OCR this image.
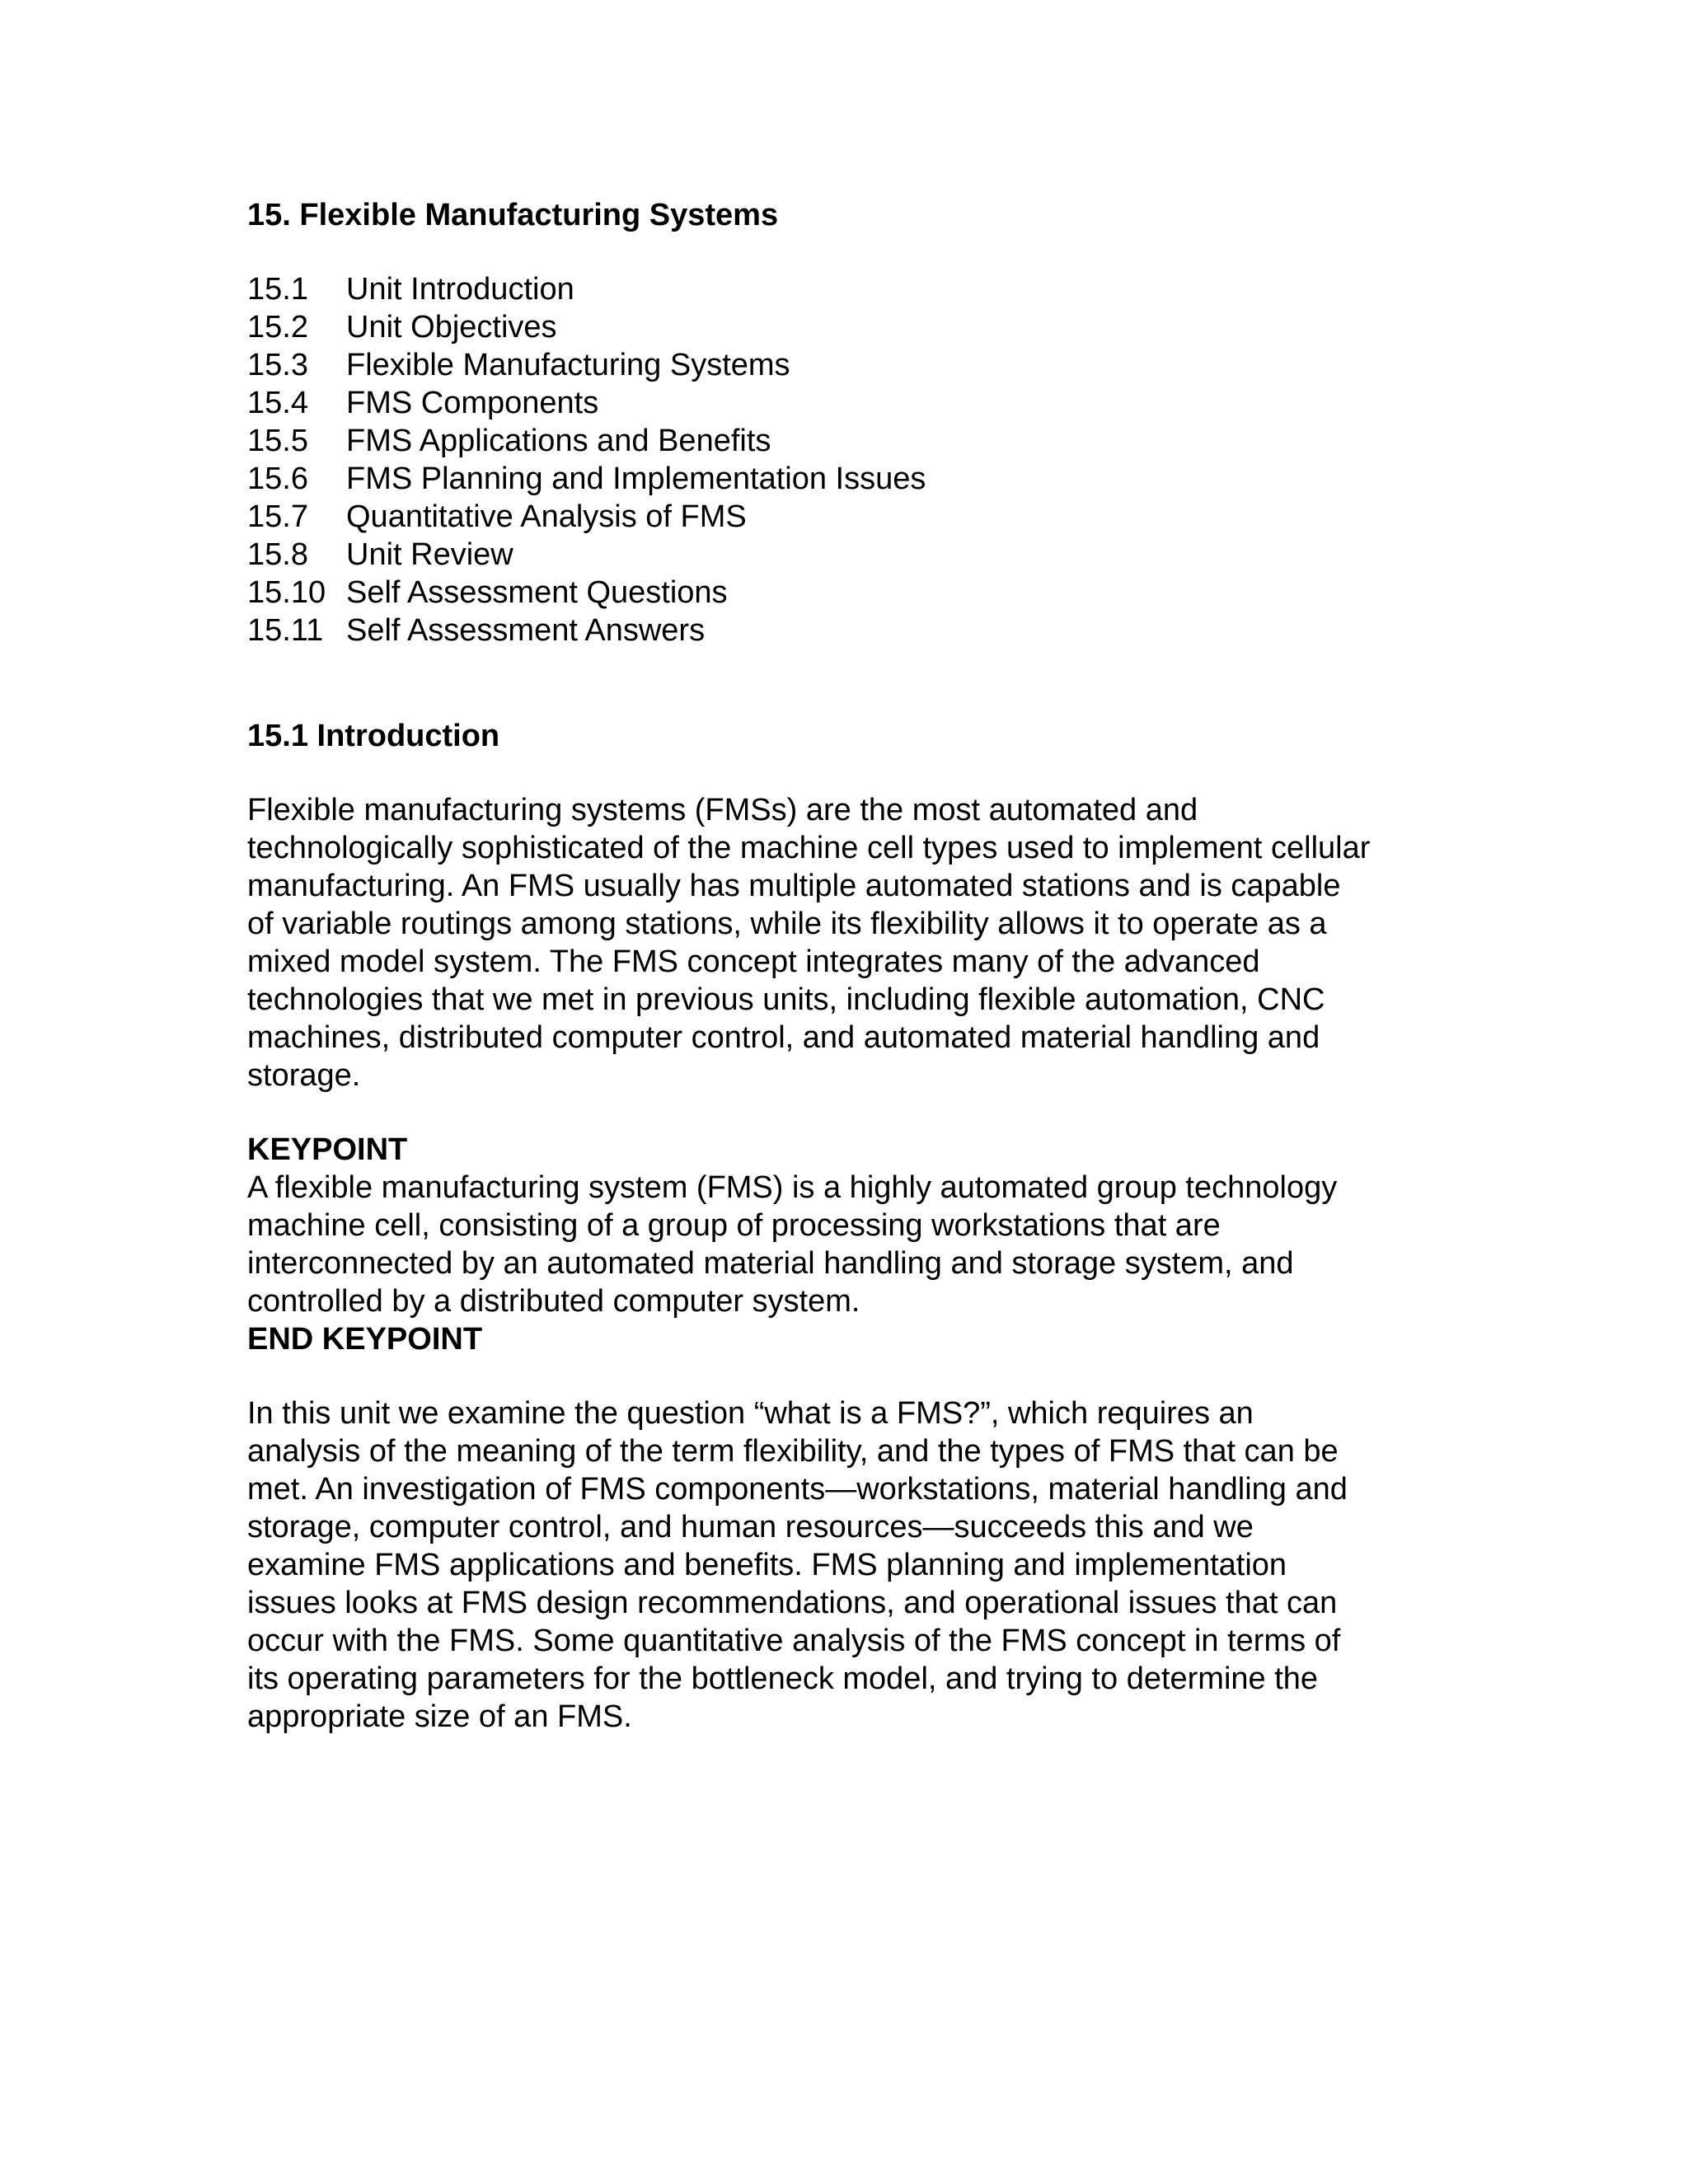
15. Flexible Manufacturing Systems
15.1	Unit Introduction
15.2	Unit Objectives
15.3	Flexible Manufacturing Systems
15.4	FMS Components
15.5	FMS Applications and Benefits
15.6	FMS Planning and Implementation Issues
15.7	Quantitative Analysis of FMS
15.8	Unit Review
15.10 Self Assessment Questions
15.11 Self Assessment Answers
15.1 Introduction
Flexible manufacturing systems (FMSs) are the most automated and
technologically sophisticated of the machine cell types used to implement cellular
manufacturing. An FMS usually has multiple automated stations and is capable
of variable routings among stations, while its flexibility allows it to operate as a
mixed model system. The FMS concept integrates many of the advanced
technologies that we met in previous units, including flexible automation, CNC
machines, distributed computer control, and automated material handling and
storage.
KEYPOINT
A flexible manufacturing system (FMS) is a highly automated group technology
machine cell, consisting of a group of processing workstations that are
interconnected by an automated material handling and storage system, and
controlled by a distributed computer system.
END KEYPOINT
In this unit we examine the question “what is a FMS?”, which requires an
analysis of the meaning of the term flexibility, and the types of FMS that can be
met. An investigation of FMS components—workstations, material handling and
storage, computer control, and human resources—succeeds this and we
examine FMS applications and benefits. FMS planning and implementation
issues looks at FMS design recommendations, and operational issues that can
occur with the FMS. Some quantitative analysis of the FMS concept in terms of
its operating parameters for the bottleneck model, and trying to determine the
appropriate size of an FMS.
